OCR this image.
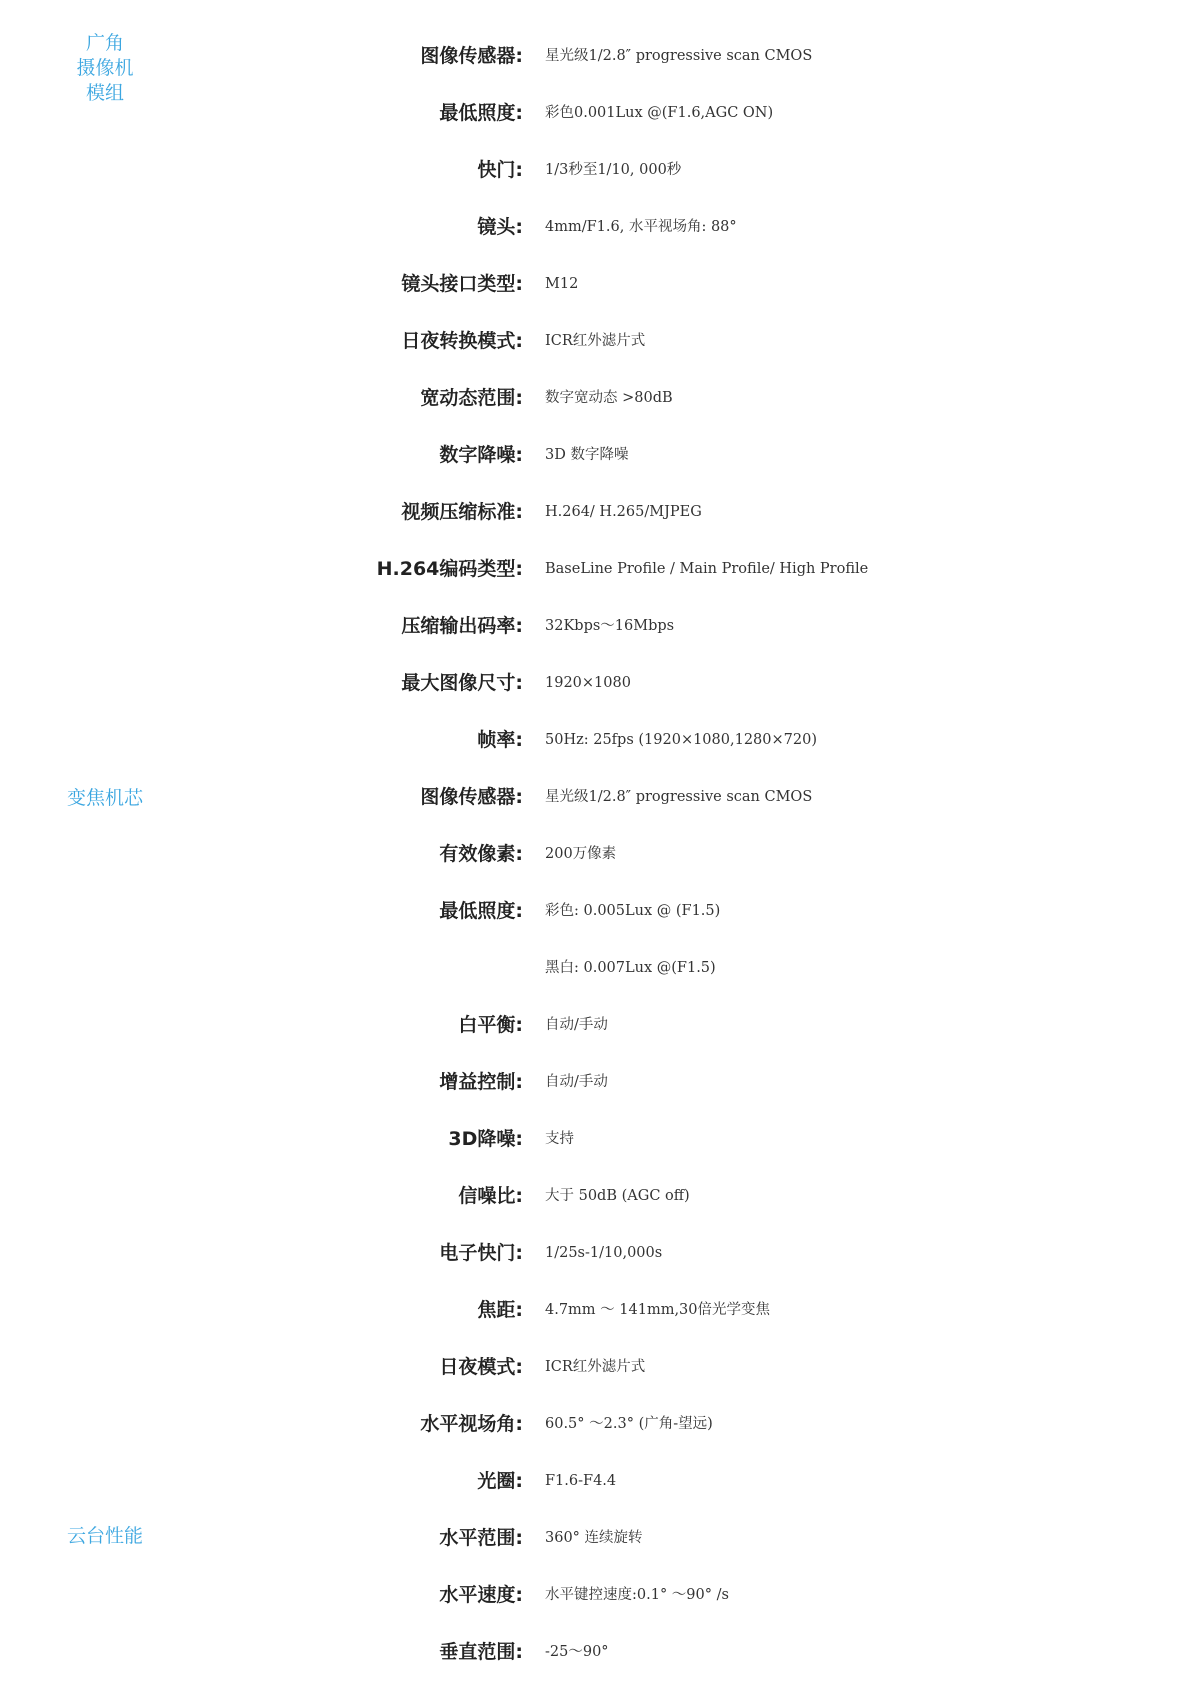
广角
摄像机
模组
变焦机芯
云台性能
图像传感器: 星光级1/2.8″ progressive scan CMOS
最低照度: 彩色0.001Lux @(F1.6,AGC ON)
快门: 1/3秒至1/10, 000秒
镜头: 4mm/F1.6, 水平视场角: 88°
镜头接口类型: M12
日夜转换模式: ICR红外滤片式
宽动态范围: 数字宽动态 >80dB
数字降噪: 3D 数字降噪
视频压缩标准: H.264/ H.265/MJPEG
H.264编码类型: BaseLine Profile / Main Profile/ High Profile
压缩输出码率: 32Kbps～16Mbps
最大图像尺寸: 1920×1080
帧率: 50Hz: 25fps (1920×1080,1280×720)
图像传感器: 星光级1/2.8″ progressive scan CMOS
有效像素: 200万像素
最低照度: 彩色: 0.005Lux @ (F1.5)
黑白: 0.007Lux @(F1.5)
白平衡: 自动/手动
增益控制: 自动/手动
3D降噪: 支持
信噪比: 大于 50dB (AGC off)
电子快门: 1/25s-1/10,000s
焦距: 4.7mm ～ 141mm,30倍光学变焦
日夜模式: ICR红外滤片式
水平视场角: 60.5° ～2.3° (广角-望远)
光圈: F1.6-F4.4
水平范围: 360° 连续旋转
水平速度: 水平键控速度:0.1° ～90° /s
垂直范围: -25～90°
